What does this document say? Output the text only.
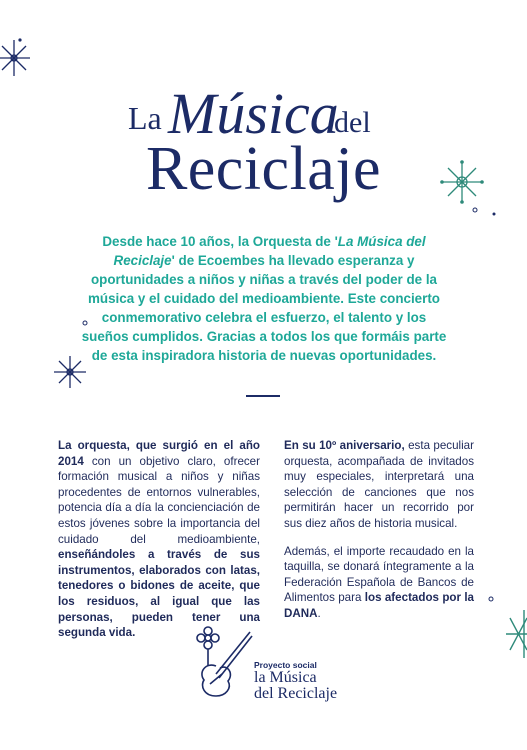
La Música
del
Reciclaje
Desde hace 10 años, la Orquesta de 'La Música del Reciclaje' de Ecoembes ha llevado esperanza y oportunidades a niños y niñas a través del poder de la música y el cuidado del medioambiente. Este concierto conmemorativo celebra el esfuerzo, el talento y los sueños cumplidos. Gracias a todos los que formáis parte de esta inspiradora historia de nuevas oportunidades.

La orquesta, que surgió en el año 2014 con un objetivo claro, ofrecer formación musical a niños y niñas procedentes de entornos vulnerables, potencia día a día la concienciación de estos jóvenes sobre la importancia del cuidado del medioambiente, enseñándoles a través de sus instrumentos, elaborados con latas, tenedores o bidones de aceite, que los residuos, al igual que las personas, pueden tener una segunda vida.

En su 10º aniversario, esta peculiar orquesta, acompañada de invitados muy especiales, interpretará una selección de canciones que nos permitirán hacer un recorrido por sus diez años de historia musical.

Además, el importe recaudado en la taquilla, se donará íntegramente a la Federación Española de Bancos de Alimentos para los afectados por la DANA.

Proyecto social
la Música
del Reciclaje
